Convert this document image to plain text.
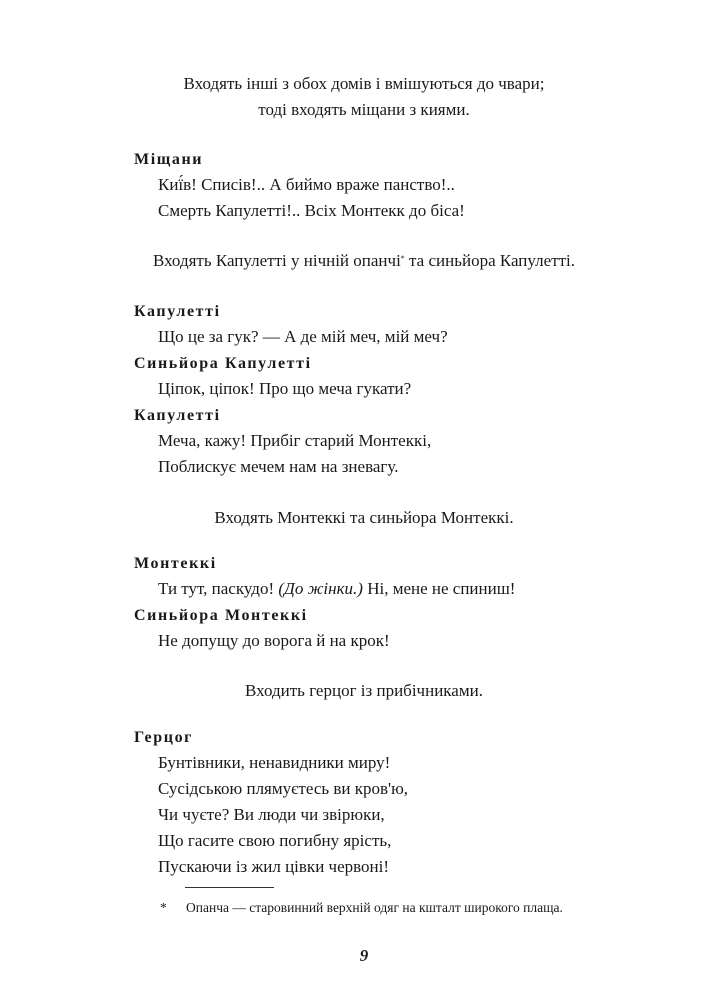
Входять інші з обох домів і вмішуються до чвари;
тоді входять міщани з киями.
Міщани
Киї́в! Списів!.. А биймо враже панство!..
Смерть Капулетті!.. Всіх Монтекк до біса!
Входять Капулетті у нічній опанчі* та синьйора Капулетті.
Капулетті
Що це за гук? — А де мій меч, мій меч?
Синьйора Капулетті
Ціпок, ціпок! Про що меча гукати?
Капулетті
Меча, кажу! Прибіг старий Монтеккі,
Поблискує мечем нам на зневагу.
Входять Монтеккі та синьйора Монтеккі.
Монтеккі
Ти тут, паскудо! (До жінки.) Ні, мене не спиниш!
Синьйора Монтеккі
Не допущу до ворога й на крок!
Входить герцог із прибічниками.
Герцог
Бунтівники, ненавидники миру!
Сусідською плямуєтесь ви кров'ю,
Чи чуєте? Ви люди чи звірюки,
Що гасите свою погибну ярість,
Пускаючи із жил цівки червоні!
* Опанча — старовинний верхній одяг на кшталт широкого плаща.
9
